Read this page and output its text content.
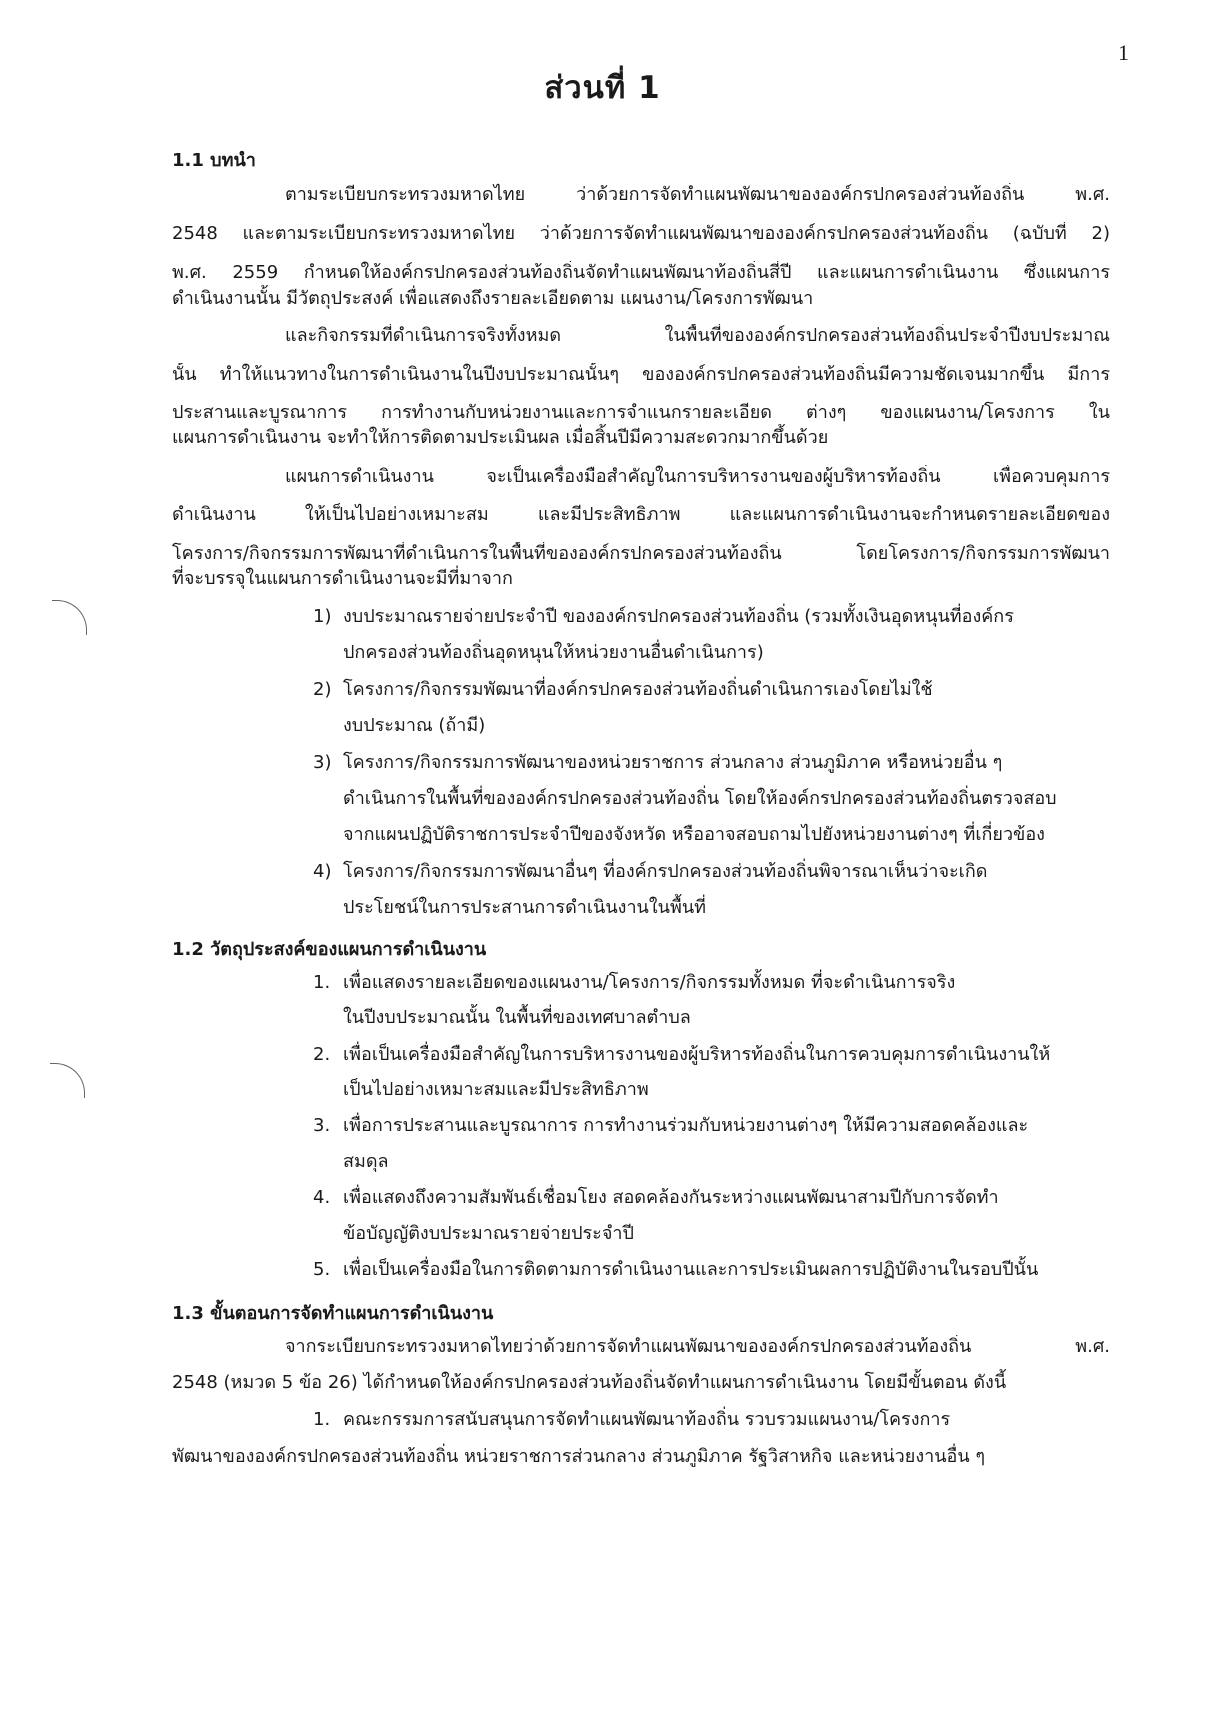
1
ส่วนที่ 1
1.1 บทนำ
ตามระเบียบกระทรวงมหาดไทย ว่าด้วยการจัดทำแผนพัฒนาขององค์กรปกครองส่วนท้องถิ่น พ.ศ.
2548 และตามระเบียบกระทรวงมหาดไทย ว่าด้วยการจัดทำแผนพัฒนาขององค์กรปกครองส่วนท้องถิ่น (ฉบับที่ 2)
พ.ศ. 2559 กำหนดให้องค์กรปกครองส่วนท้องถิ่นจัดทำแผนพัฒนาท้องถิ่นสี่ปี และแผนการดำเนินงาน ซึ่งแผนการ
ดำเนินงานนั้น มีวัตถุประสงค์ เพื่อแสดงถึงรายละเอียดตาม แผนงาน/โครงการพัฒนา
และกิจกรรมที่ดำเนินการจริงทั้งหมด ในพื้นที่ขององค์กรปกครองส่วนท้องถิ่นประจำปีงบประมาณ
นั้น ทำให้แนวทางในการดำเนินงานในปีงบประมาณนั้นๆ ขององค์กรปกครองส่วนท้องถิ่นมีความชัดเจนมากขึ้น มีการ
ประสานและบูรณาการ การทำงานกับหน่วยงานและการจำแนกรายละเอียด ต่างๆ ของแผนงาน/โครงการ ใน
แผนการดำเนินงาน จะทำให้การติดตามประเมินผล เมื่อสิ้นปีมีความสะดวกมากขึ้นด้วย
แผนการดำเนินงาน จะเป็นเครื่องมือสำคัญในการบริหารงานของผู้บริหารท้องถิ่น เพื่อควบคุมการ
ดำเนินงาน ให้เป็นไปอย่างเหมาะสม และมีประสิทธิภาพ และแผนการดำเนินงานจะกำหนดรายละเอียดของ
โครงการ/กิจกรรมการพัฒนาที่ดำเนินการในพื้นที่ขององค์กรปกครองส่วนท้องถิ่น โดยโครงการ/กิจกรรมการพัฒนา
ที่จะบรรจุในแผนการดำเนินงานจะมีที่มาจาก
1) งบประมาณรายจ่ายประจำปี ขององค์กรปกครองส่วนท้องถิ่น (รวมทั้งเงินอุดหนุนที่องค์กร
ปกครองส่วนท้องถิ่นอุดหนุนให้หน่วยงานอื่นดำเนินการ)
2) โครงการ/กิจกรรมพัฒนาที่องค์กรปกครองส่วนท้องถิ่นดำเนินการเองโดยไม่ใช้
งบประมาณ (ถ้ามี)
3) โครงการ/กิจกรรมการพัฒนาของหน่วยราชการ ส่วนกลาง ส่วนภูมิภาค หรือหน่วยอื่น ๆ
ดำเนินการในพื้นที่ขององค์กรปกครองส่วนท้องถิ่น โดยให้องค์กรปกครองส่วนท้องถิ่นตรวจสอบ
จากแผนปฏิบัติราชการประจำปีของจังหวัด หรืออาจสอบถามไปยังหน่วยงานต่างๆ ที่เกี่ยวข้อง
4) โครงการ/กิจกรรมการพัฒนาอื่นๆ ที่องค์กรปกครองส่วนท้องถิ่นพิจารณาเห็นว่าจะเกิด
ประโยชน์ในการประสานการดำเนินงานในพื้นที่
1.2 วัตถุประสงค์ของแผนการดำเนินงาน
1. เพื่อแสดงรายละเอียดของแผนงาน/โครงการ/กิจกรรมทั้งหมด ที่จะดำเนินการจริง
ในปีงบประมาณนั้น ในพื้นที่ของเทศบาลตำบล
2. เพื่อเป็นเครื่องมือสำคัญในการบริหารงานของผู้บริหารท้องถิ่นในการควบคุมการดำเนินงานให้
เป็นไปอย่างเหมาะสมและมีประสิทธิภาพ
3. เพื่อการประสานและบูรณาการ การทำงานร่วมกับหน่วยงานต่างๆ ให้มีความสอดคล้องและ
สมดุล
4. เพื่อแสดงถึงความสัมพันธ์เชื่อมโยง สอดคล้องกันระหว่างแผนพัฒนาสามปีกับการจัดทำ
ข้อบัญญัติงบประมาณรายจ่ายประจำปี
5. เพื่อเป็นเครื่องมือในการติดตามการดำเนินงานและการประเมินผลการปฏิบัติงานในรอบปีนั้น
1.3 ขั้นตอนการจัดทำแผนการดำเนินงาน
จากระเบียบกระทรวงมหาดไทยว่าด้วยการจัดทำแผนพัฒนาขององค์กรปกครองส่วนท้องถิ่น พ.ศ.
2548 (หมวด 5 ข้อ 26) ได้กำหนดให้องค์กรปกครองส่วนท้องถิ่นจัดทำแผนการดำเนินงาน โดยมีขั้นตอน ดังนี้
1. คณะกรรมการสนับสนุนการจัดทำแผนพัฒนาท้องถิ่น รวบรวมแผนงาน/โครงการ
พัฒนาขององค์กรปกครองส่วนท้องถิ่น หน่วยราชการส่วนกลาง ส่วนภูมิภาค รัฐวิสาหกิจ และหน่วยงานอื่น ๆ
